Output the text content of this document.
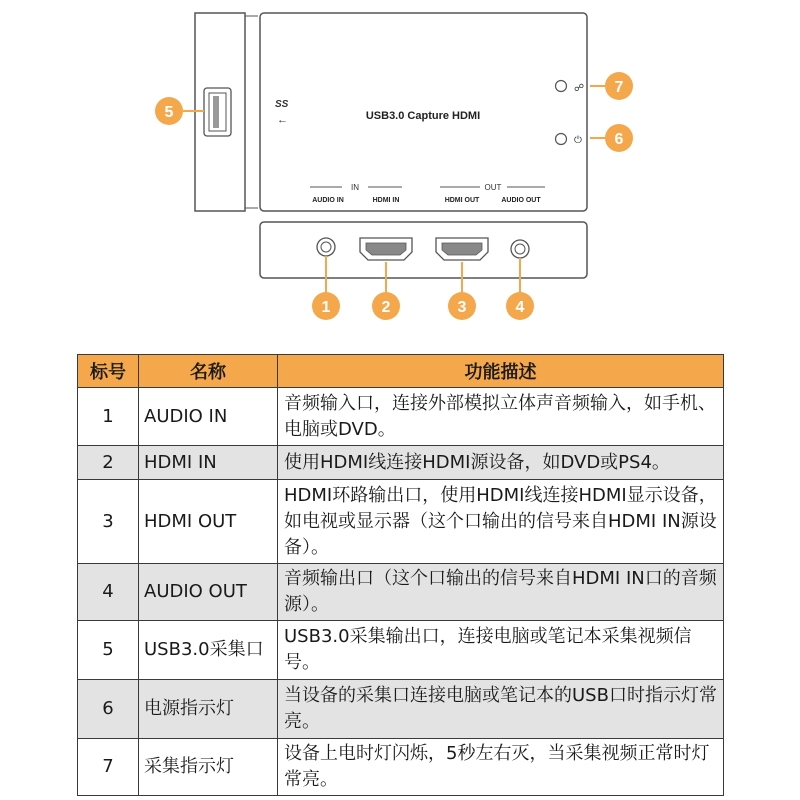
SS
←	USB3.0 Capture HDMI
☍
⏻
IN	OUT
AUDIO IN	HDMI IN	HDMI OUT	AUDIO OUT
1	2	3	4
5
6
7
标号	名称	功能描述
1	AUDIO IN	音频输入口，连接外部模拟立体声音频输入，如手机、电脑或DVD。
2	HDMI IN	使用HDMI线连接HDMI源设备，如DVD或PS4。
3	HDMI OUT	HDMI环路输出口，使用HDMI线连接HDMI显示设备，如电视或显示器（这个口输出的信号来自HDMI IN源设备）。
4	AUDIO OUT	音频输出口（这个口输出的信号来自HDMI IN口的音频源）。
5	USB3.0采集口	USB3.0采集输出口，连接电脑或笔记本采集视频信号。
6	电源指示灯	当设备的采集口连接电脑或笔记本的USB口时指示灯常亮。
7	采集指示灯	设备上电时灯闪烁，5秒左右灭，当采集视频正常时灯常亮。
